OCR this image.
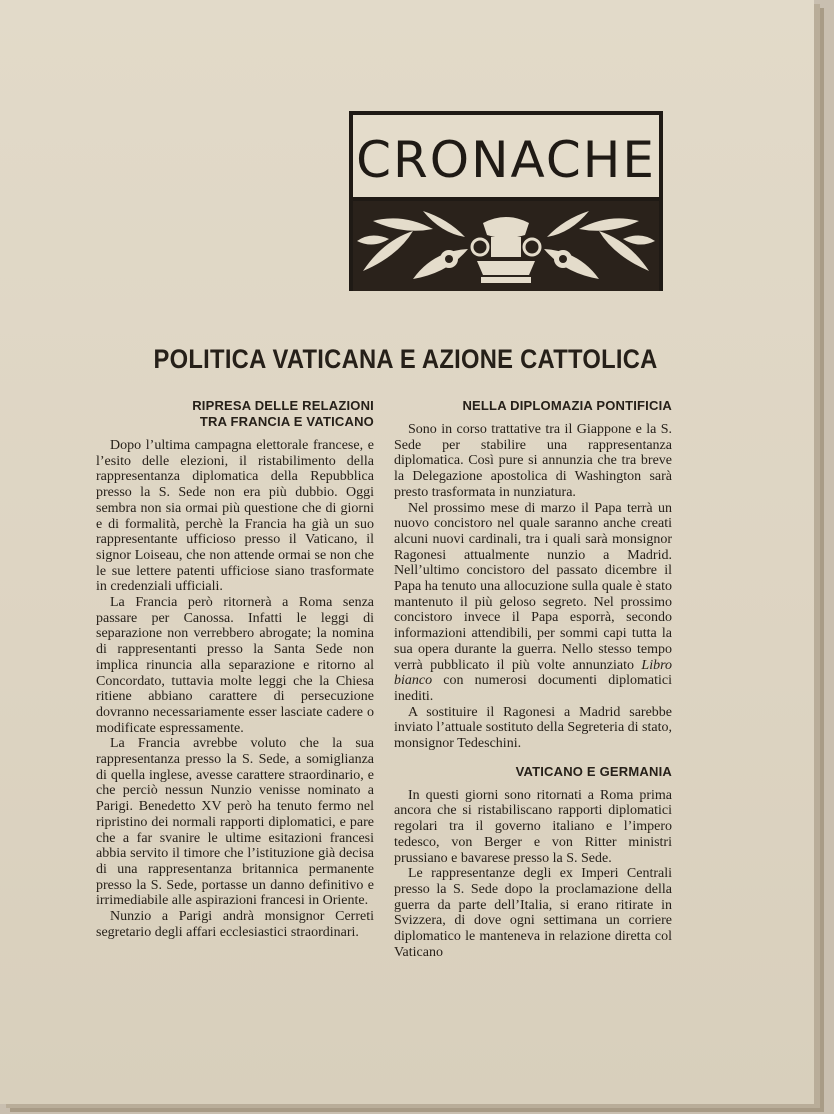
CRONACHE
POLITICA VATICANA E AZIONE CATTOLICA
RIPRESA DELLE RELAZIONI
TRA FRANCIA E VATICANO

Dopo l’ultima campagna elettorale francese, e l’esito delle elezioni, il ristabilimento della rappresentanza diplomatica della Repubblica presso la S. Sede non era più dubbio. Oggi sembra non sia ormai più questione che di giorni e di formalità, perchè la Francia ha già un suo rappresentante ufficioso presso il Vaticano, il signor Loiseau, che non attende ormai se non che le sue lettere patenti ufficiose siano trasformate in credenziali ufficiali.

La Francia però ritornerà a Roma senza passare per Canossa. Infatti le leggi di separazione non verrebbero abrogate; la nomina di rappresentanti presso la Santa Sede non implica rinuncia alla separazione e ritorno al Concordato, tuttavia molte leggi che la Chiesa ritiene abbiano carattere di persecuzione dovranno necessariamente esser lasciate cadere o modificate espressamente.

La Francia avrebbe voluto che la sua rappresentanza presso la S. Sede, a somiglianza di quella inglese, avesse carattere straordinario, e che perciò nessun Nunzio venisse nominato a Parigi. Benedetto XV però ha tenuto fermo nel ripristino dei normali rapporti diplomatici, e pare che a far svanire le ultime esitazioni francesi abbia servito il timore che l’istituzione già decisa di una rappresentanza britannica permanente presso la S. Sede, portasse un danno definitivo e irrimediabile alle aspirazioni francesi in Oriente.

Nunzio a Parigi andrà monsignor Cerreti segretario degli affari ecclesiastici straordinari.

NELLA DIPLOMAZIA PONTIFICIA

Sono in corso trattative tra il Giappone e la S. Sede per stabilire una rappresentanza diplomatica. Così pure si annunzia che tra breve la Delegazione apostolica di Washington sarà presto trasformata in nunziatura.

Nel prossimo mese di marzo il Papa terrà un nuovo concistoro nel quale saranno anche creati alcuni nuovi cardinali, tra i quali sarà monsignor Ragonesi attualmente nunzio a Madrid. Nell’ultimo concistoro del passato dicembre il Papa ha tenuto una allocuzione sulla quale è stato mantenuto il più geloso segreto. Nel prossimo concistoro invece il Papa esporrà, secondo informazioni attendibili, per sommi capi tutta la sua opera durante la guerra. Nello stesso tempo verrà pubblicato il più volte annunziato Libro bianco con numerosi documenti diplomatici inediti.

A sostituire il Ragonesi a Madrid sarebbe inviato l’attuale sostituto della Segreteria di stato, monsignor Tedeschini.

VATICANO E GERMANIA

In questi giorni sono ritornati a Roma prima ancora che si ristabiliscano rapporti diplomatici regolari tra il governo italiano e l’impero tedesco, von Berger e von Ritter ministri prussiano e bavarese presso la S. Sede.

Le rappresentanze degli ex Imperi Centrali presso la S. Sede dopo la proclamazione della guerra da parte dell’Italia, si erano ritirate in Svizzera, di dove ogni settimana un corriere diplomatico le manteneva in relazione diretta col Vaticano
